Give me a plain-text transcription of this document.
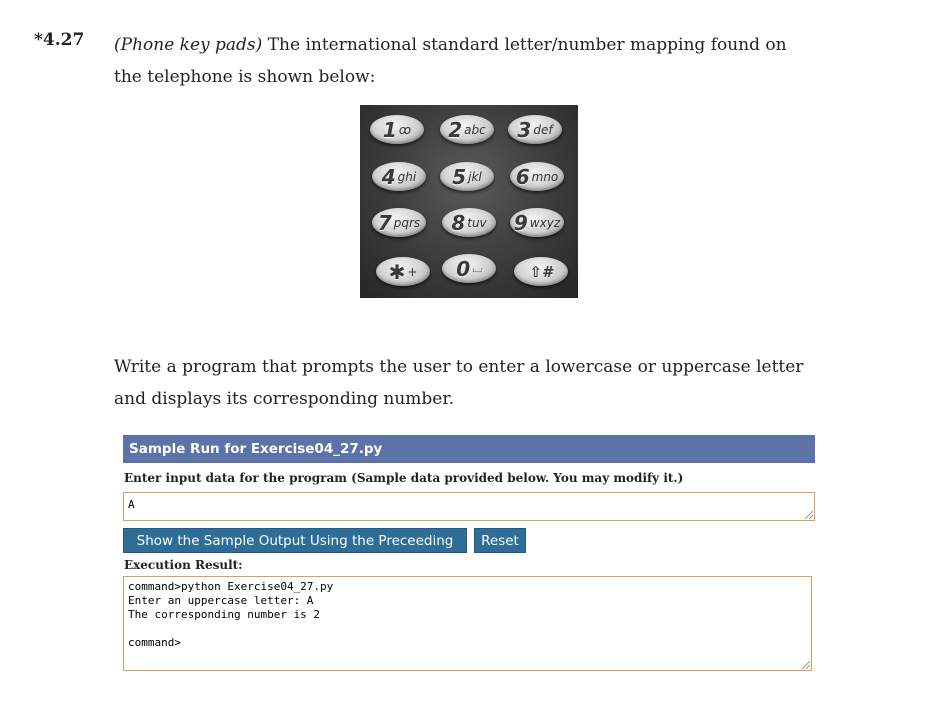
*4.27 (Phone key pads) The international standard letter/number mapping found on the telephone is shown below:
1 ꝏ 2 abc 3 def
4 ghi 5 jkl 6 mno
7 pqrs 8 tuv 9 wxyz
✱ + 0 ⌴	⇧#
Write a program that prompts the user to enter a lowercase or uppercase letter and displays its corresponding number.
Sample Run for Exercise04_27.py
Enter input data for the program (Sample data provided below. You may modify it.)
A
Show the Sample Output Using the Preceeding Input
Reset
Execution Result:
command>python Exercise04_27.py
Enter an uppercase letter: A
The corresponding number is 2

command>
